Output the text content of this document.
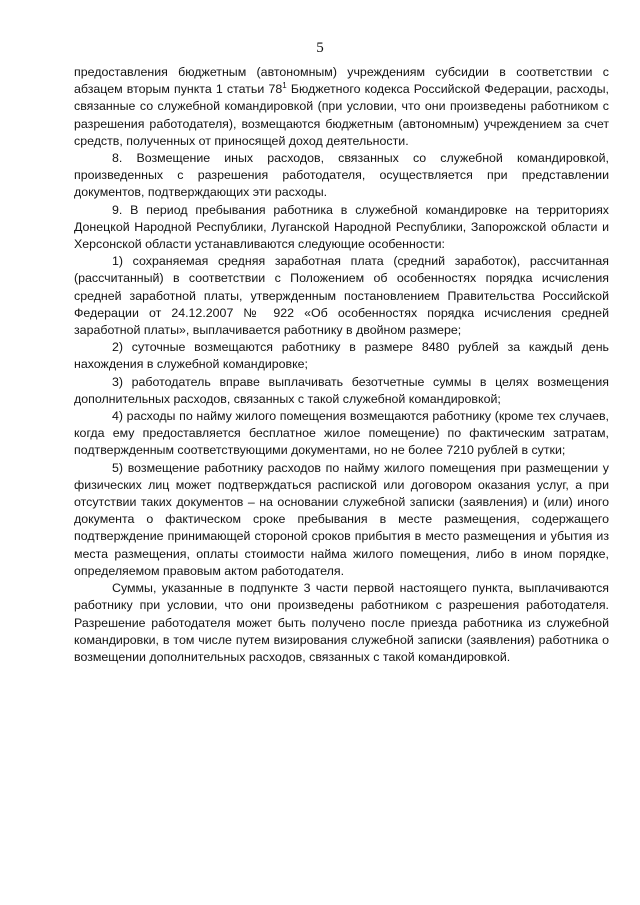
5

предоставления бюджетным (автономным) учреждениям субсидии в соответствии с абзацем вторым пункта 1 статьи $78^1$ Бюджетного кодекса Российской Федерации, расходы, связанные со служебной командировкой (при условии, что они произведены работником с разрешения работодателя), возмещаются бюджетным (автономным) учреждением за счет средств, полученных от приносящей доход деятельности.

8. Возмещение иных расходов, связанных со служебной командировкой, произведенных с разрешения работодателя, осуществляется при представлении документов, подтверждающих эти расходы.

9. В период пребывания работника в служебной командировке на территориях Донецкой Народной Республики, Луганской Народной Республики, Запорожской области и Херсонской области устанавливаются следующие особенности:

1) сохраняемая средняя заработная плата (средний заработок), рассчитанная (рассчитанный) в соответствии с Положением об особенностях порядка исчисления средней заработной платы, утвержденным постановлением Правительства Российской Федерации от 24.12.2007 № 922 «Об особенностях порядка исчисления средней заработной платы», выплачивается работнику в двойном размере;

2) суточные возмещаются работнику в размере 8480 рублей за каждый день нахождения в служебной командировке;

3) работодатель вправе выплачивать безотчетные суммы в целях возмещения дополнительных расходов, связанных с такой служебной командировкой;

4) расходы по найму жилого помещения возмещаются работнику (кроме тех случаев, когда ему предоставляется бесплатное жилое помещение) по фактическим затратам, подтвержденным соответствующими документами, но не более 7210 рублей в сутки;

5) возмещение работнику расходов по найму жилого помещения при размещении у физических лиц может подтверждаться распиской или договором оказания услуг, а при отсутствии таких документов – на основании служебной записки (заявления) и (или) иного документа о фактическом сроке пребывания в месте размещения, содержащего подтверждение принимающей стороной сроков прибытия в место размещения и убытия из места размещения, оплаты стоимости найма жилого помещения, либо в ином порядке, определяемом правовым актом работодателя.

Суммы, указанные в подпункте 3 части первой настоящего пункта, выплачиваются работнику при условии, что они произведены работником с разрешения работодателя. Разрешение работодателя может быть получено после приезда работника из служебной командировки, в том числе путем визирования служебной записки (заявления) работника о возмещении дополнительных расходов, связанных с такой командировкой.
